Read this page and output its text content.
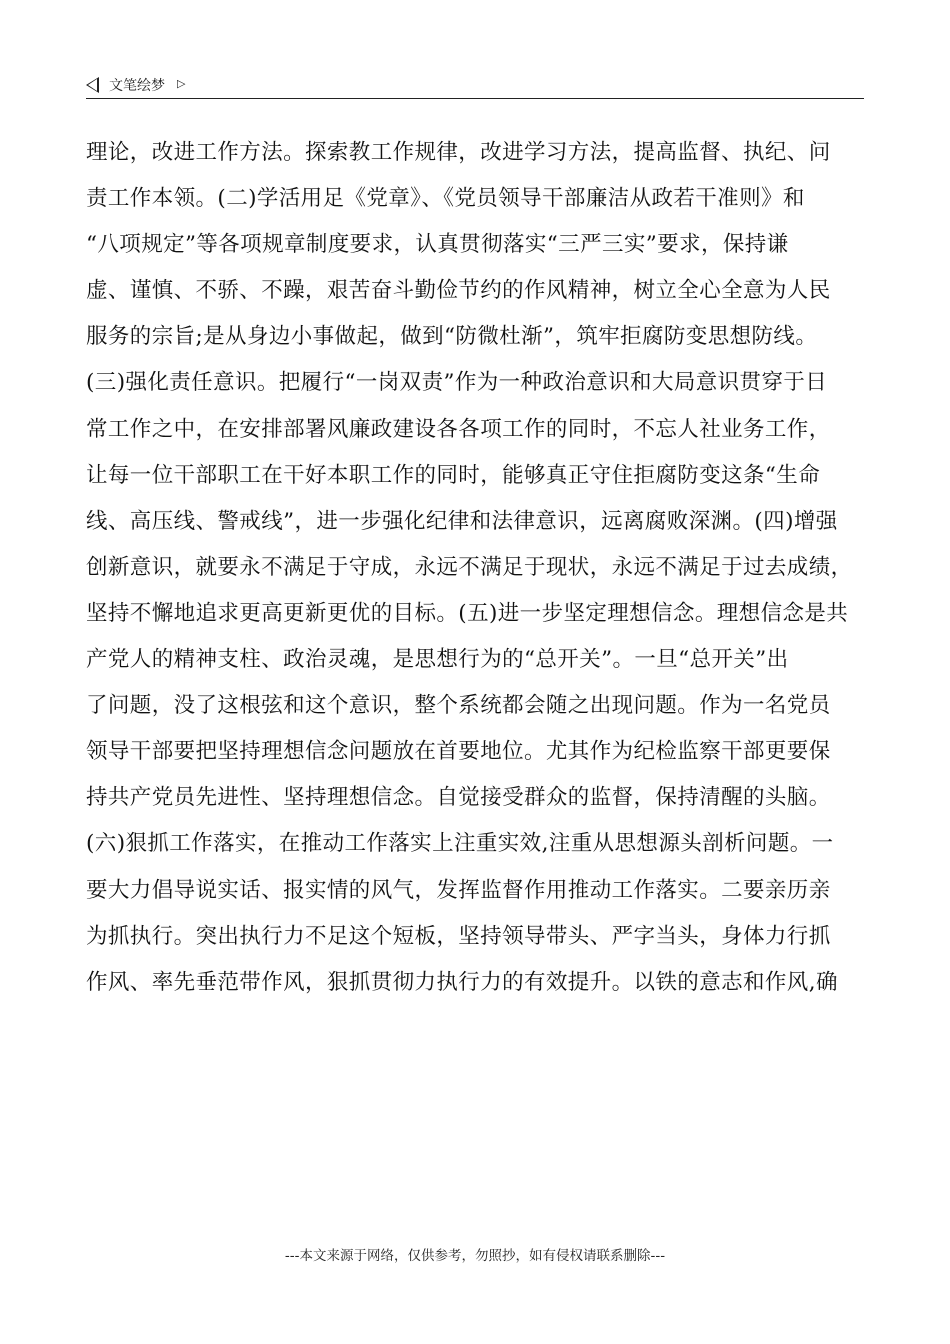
文笔绘梦 ▷
理论，改进工作方法。探索教工作规律，改进学习方法，提高监督、执纪、问
责工作本领。(二)学活用足《党章》、《党员领导干部廉洁从政若干准则》和
“八项规定”等各项规章制度要求，认真贯彻落实“三严三实”要求，保持谦
虚、谨慎、不骄、不躁，艰苦奋斗勤俭节约的作风精神，树立全心全意为人民
服务的宗旨;是从身边小事做起，做到“防微杜渐”，筑牢拒腐防变思想防线。
(三)强化责任意识。把履行“一岗双责”作为一种政治意识和大局意识贯穿于日
常工作之中，在安排部署风廉政建设各各项工作的同时，不忘人社业务工作，
让每一位干部职工在干好本职工作的同时，能够真正守住拒腐防变这条“生命
线、高压线、警戒线”，进一步强化纪律和法律意识，远离腐败深渊。(四)增强
创新意识，就要永不满足于守成，永远不满足于现状，永远不满足于过去成绩，
坚持不懈地追求更高更新更优的目标。(五)进一步坚定理想信念。理想信念是共
产党人的精神支柱、政治灵魂，是思想行为的“总开关”。一旦“总开关”出
了问题，没了这根弦和这个意识，整个系统都会随之出现问题。作为一名党员
领导干部要把坚持理想信念问题放在首要地位。尤其作为纪检监察干部更要保
持共产党员先进性、坚持理想信念。自觉接受群众的监督，保持清醒的头脑。
(六)狠抓工作落实，在推动工作落实上注重实效,注重从思想源头剖析问题。一
要大力倡导说实话、报实情的风气，发挥监督作用推动工作落实。二要亲历亲
为抓执行。突出执行力不足这个短板，坚持领导带头、严字当头，身体力行抓
作风、率先垂范带作风，狠抓贯彻力执行力的有效提升。以铁的意志和作风,确
---本文来源于网络，仅供参考，勿照抄，如有侵权请联系删除---
